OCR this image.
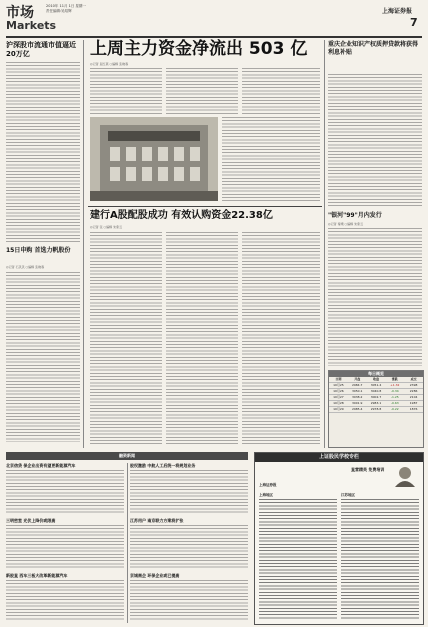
市场
Markets
2010年 11月 1日 星期一
责任编辑:吴绍辉	上海证券报
7
沪深股市流通市值逼近20万亿
15日申购 首选力帆股份
◎记者 石贝贝 ○编辑 张晓春
上周主力资金净流出 503 亿
◎记者 屈红燕 ○编辑 张晓春
建行A股配股成功 有效认购资金22.38亿
◎记者 张 ○编辑 朱紫云
重庆企业知识产权质押贷款将获得利息补贴
"银河"99"月内发行
◎记者 秦娥 ○编辑 朱紫云
每日概览
日期	开盘	收盘	涨跌	成交
10月25	2984.7	3051.4	+1.32	2398
10月26	3050.1	3040.8	-0.34	2286
10月27	3038.2	3002.7	-1.25	2104
10月28	3001.9	2983.1	-0.63	1987
10月29	2985.4	2978.8	-0.22	1876
融资新闻
北京信贷 保企业出资有望更新能源汽车
三明密室 光伏上降价或限高
新股直 西车三板大改革新能源汽车
股权激励 中航人工后统一将规划业务
江苏用户 南京联力方案将扩张
京城商企 环保企业或已提高
上证股民学校专栏
直营精英 免费培训
上海证券报
上海地区	江苏地区
